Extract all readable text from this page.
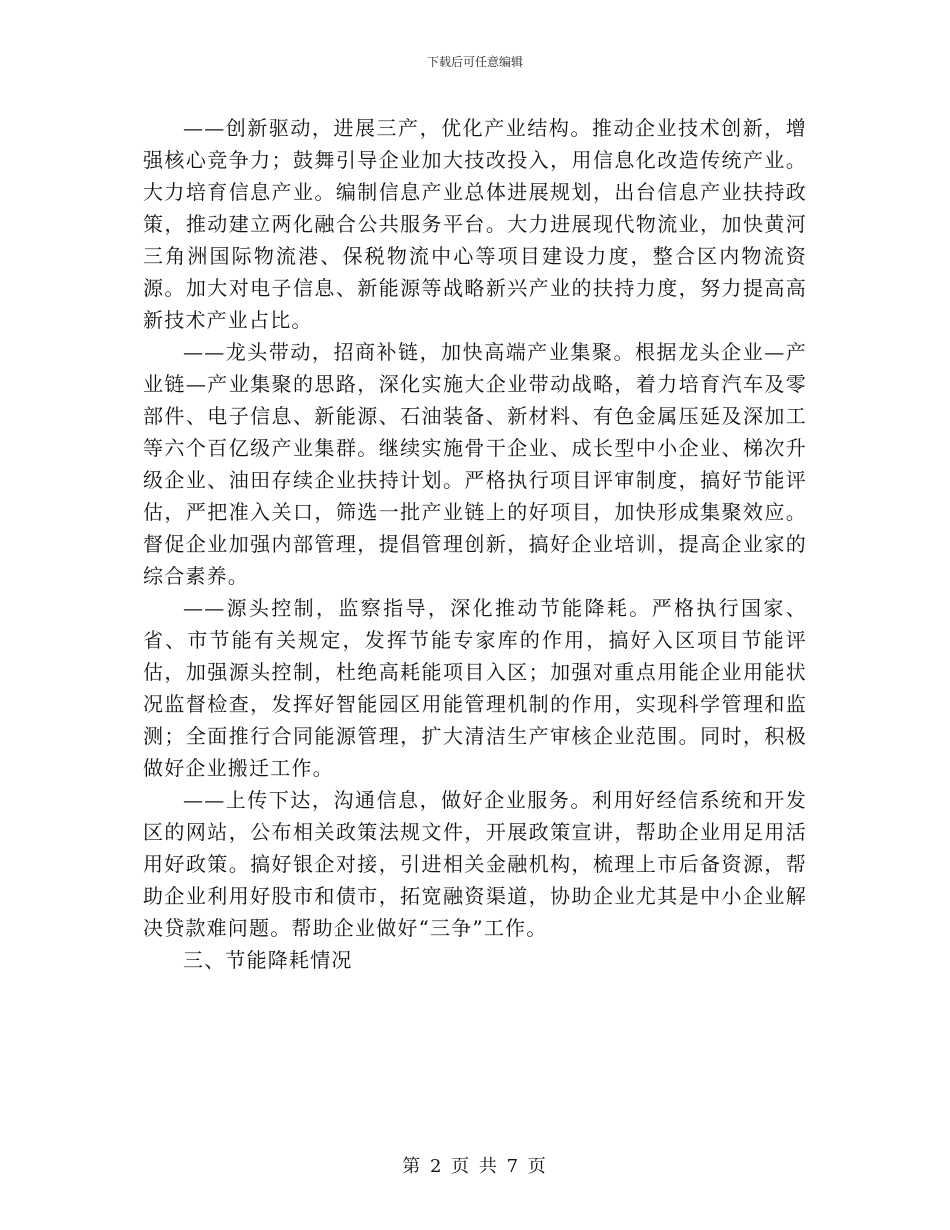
下载后可任意编辑

——创新驱动，进展三产，优化产业结构。推动企业技术创新，增强核心竞争力；鼓舞引导企业加大技改投入，用信息化改造传统产业。大力培育信息产业。编制信息产业总体进展规划，出台信息产业扶持政策，推动建立两化融合公共服务平台。大力进展现代物流业，加快黄河三角洲国际物流港、保税物流中心等项目建设力度，整合区内物流资源。加大对电子信息、新能源等战略新兴产业的扶持力度，努力提高高新技术产业占比。

——龙头带动，招商补链，加快高端产业集聚。根据龙头企业—产业链—产业集聚的思路，深化实施大企业带动战略，着力培育汽车及零部件、电子信息、新能源、石油装备、新材料、有色金属压延及深加工等六个百亿级产业集群。继续实施骨干企业、成长型中小企业、梯次升级企业、油田存续企业扶持计划。严格执行项目评审制度，搞好节能评估，严把准入关口，筛选一批产业链上的好项目，加快形成集聚效应。督促企业加强内部管理，提倡管理创新，搞好企业培训，提高企业家的综合素养。

——源头控制，监察指导，深化推动节能降耗。严格执行国家、省、市节能有关规定，发挥节能专家库的作用，搞好入区项目节能评估，加强源头控制，杜绝高耗能项目入区；加强对重点用能企业用能状况监督检查，发挥好智能园区用能管理机制的作用，实现科学管理和监测；全面推行合同能源管理，扩大清洁生产审核企业范围。同时，积极做好企业搬迁工作。

——上传下达，沟通信息，做好企业服务。利用好经信系统和开发区的网站，公布相关政策法规文件，开展政策宣讲，帮助企业用足用活用好政策。搞好银企对接，引进相关金融机构，梳理上市后备资源，帮助企业利用好股市和债市，拓宽融资渠道，协助企业尤其是中小企业解决贷款难问题。帮助企业做好“三争”工作。

三、节能降耗情况

第 2 页 共 7 页
